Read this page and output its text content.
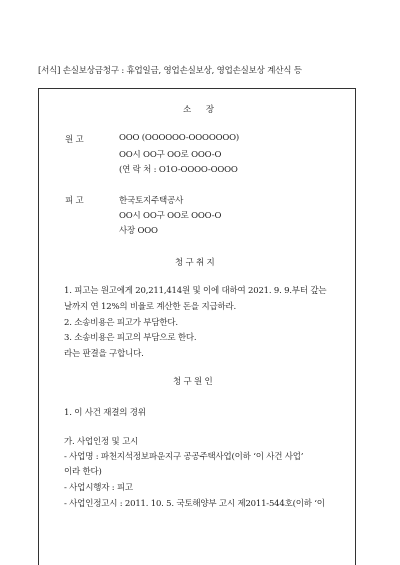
[서식] 손실보상금청구 : 휴업일금, 영업손실보상, 영업손실보상 계산식 등
소 장
원 고	OOO (OOOOOO-OOOOOOO)
OO시 OO구 OO로 OOO-O
(연 락 처 : O1O-OOOO-OOOO
피 고	한국토지주택공사
OO시 OO구 OO로 OOO-O
사장 OOO
청 구 취 지
1. 피고는 원고에게 20,211,414원 및 이에 대하여 2021. 9. 9.부터 갚는
날까지 연 12%의 비율로 계산한 돈을 지급하라.
2. 소송비용은 피고가 부담한다.
3. 소송비용은 피고의 부담으로 한다.
라는 판결을 구합니다.
청 구 원 인
1. 이 사건 재결의 경위
가. 사업인정 및 고시
- 사업명 : 파천지석정보파운지구 공공주택사업(이하 ‘이 사건 사업’
이라 한다)
- 사업시행자 : 피고
- 사업인정고시 : 2011. 10. 5. 국토해양부 고시 제2011-544호(이하 ‘이
